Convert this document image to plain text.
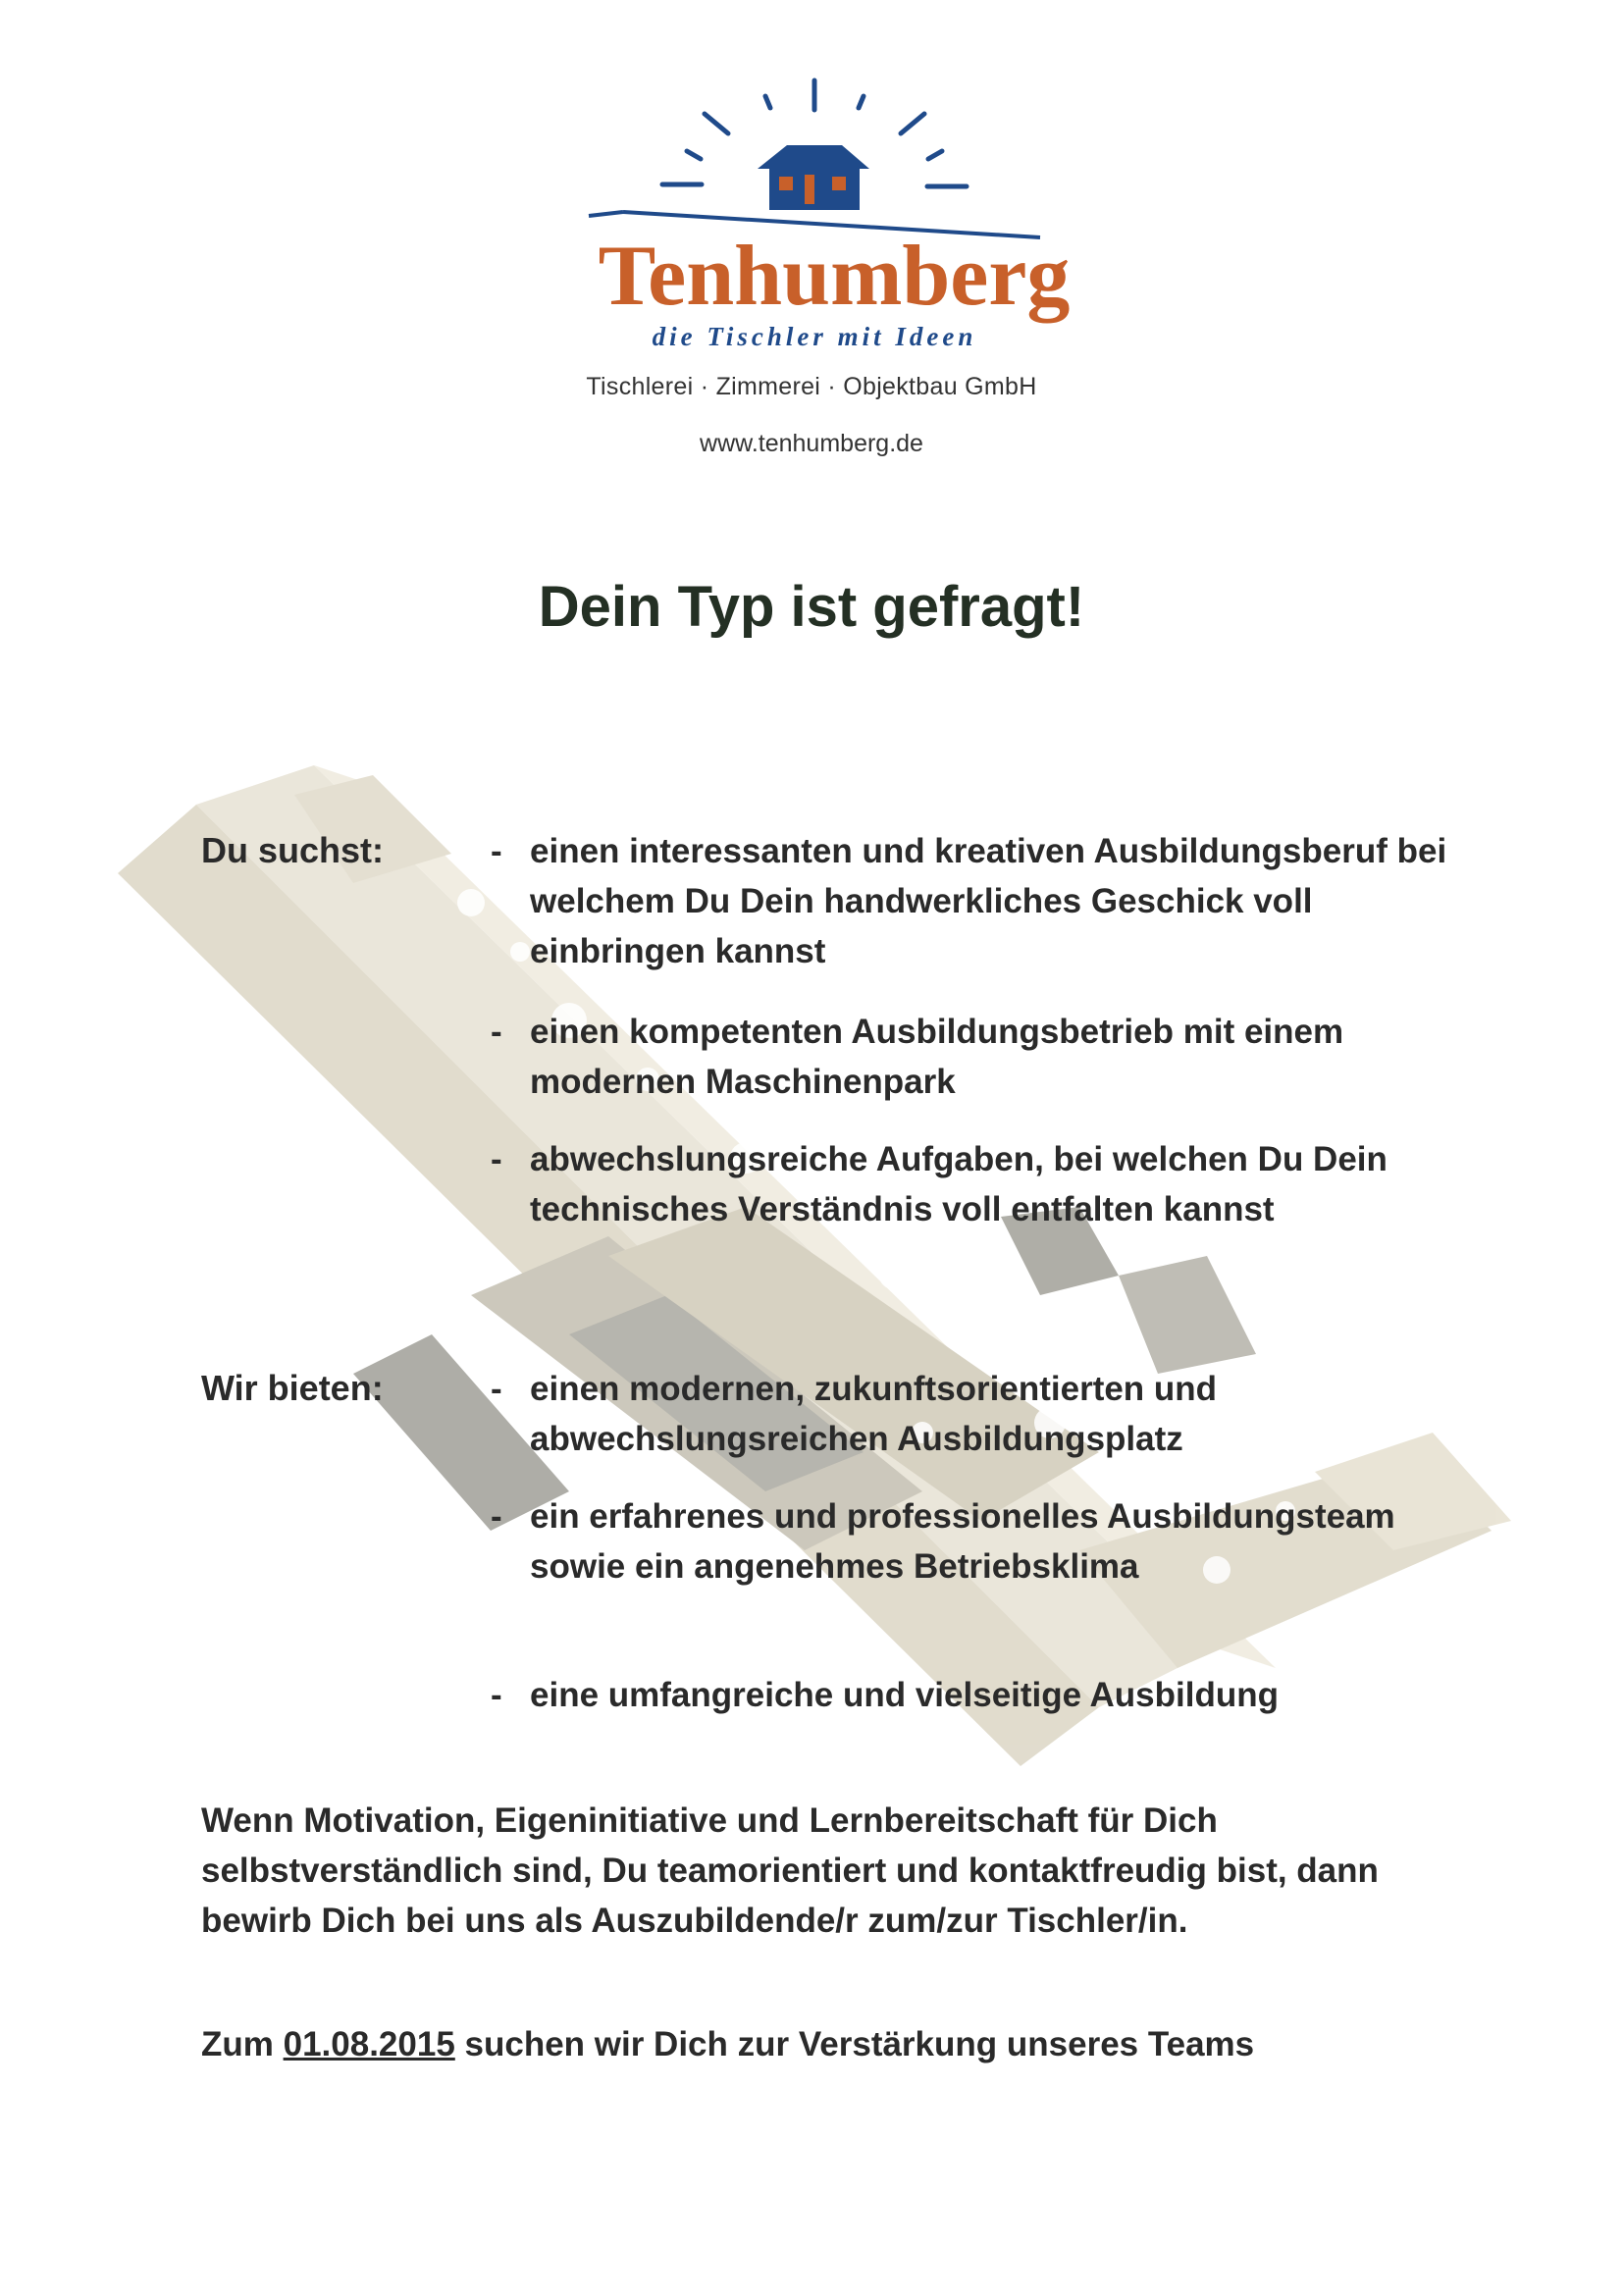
Tenhumberg
die Tischler mit Ideen
Tischlerei · Zimmerei · Objektbau GmbH
www.tenhumberg.de
Dein Typ ist gefragt!
Du suchst:	- einen interessanten und kreativen Ausbildungsberuf bei welchem Du Dein handwerkliches Geschick voll einbringen kannst
- einen kompetenten Ausbildungsbetrieb mit einem modernen Maschinenpark
- abwechslungsreiche Aufgaben, bei welchen Du Dein technisches Verständnis voll entfalten kannst
Wir bieten:	- einen modernen, zukunftsorientierten und abwechslungsreichen Ausbildungsplatz
- ein erfahrenes und professionelles Ausbildungsteam sowie ein angenehmes Betriebsklima
- eine umfangreiche und vielseitige Ausbildung
Wenn Motivation, Eigeninitiative und Lernbereitschaft für Dich selbstverständlich sind, Du teamorientiert und kontaktfreudig bist, dann bewirb Dich bei uns als Auszubildende/r zum/zur Tischler/in.
Zum 01.08.2015 suchen wir Dich zur Verstärkung unseres Teams
